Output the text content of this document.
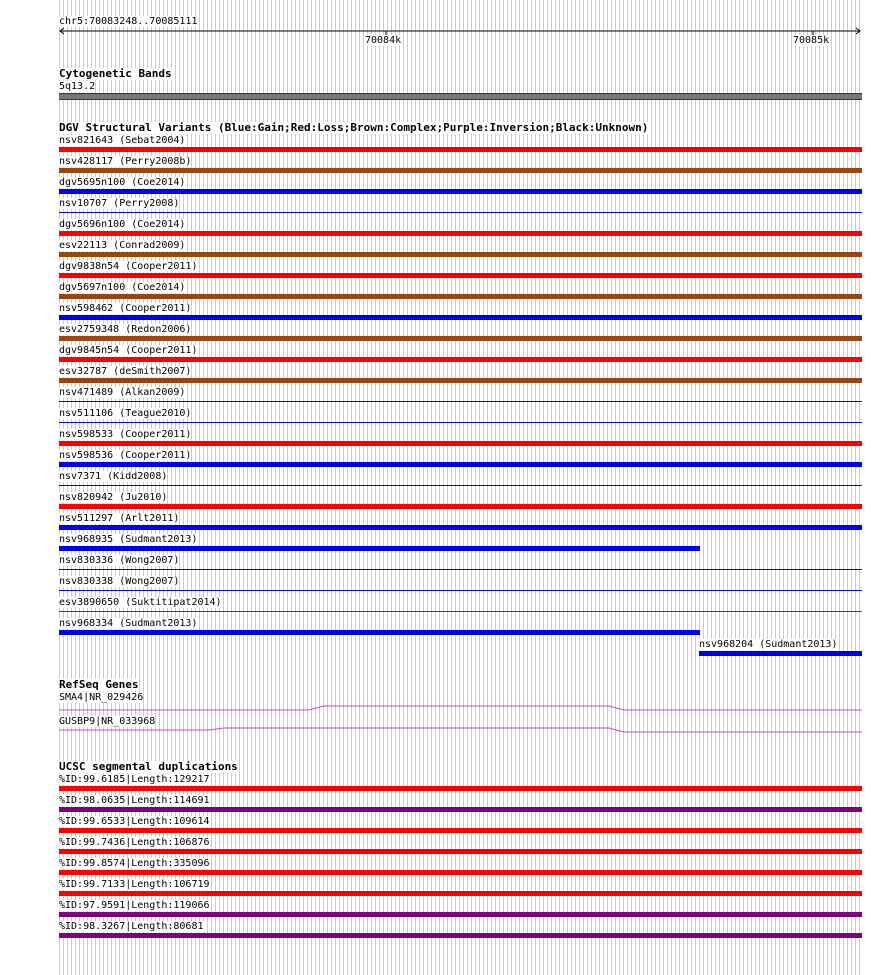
chr5:70083248..70085111
70084k	70085k
Cytogenetic Bands
5q13.2
DGV Structural Variants (Blue:Gain;Red:Loss;Brown:Complex;Purple:Inversion;Black:Unknown)
nsv821643 (Sebat2004)
nsv428117 (Perry2008b)
dgv5695n100 (Coe2014)
nsv10707 (Perry2008)
dgv5696n100 (Coe2014)
esv22113 (Conrad2009)
dgv9838n54 (Cooper2011)
dgv5697n100 (Coe2014)
nsv598462 (Cooper2011)
esv2759348 (Redon2006)
dgv9845n54 (Cooper2011)
esv32787 (deSmith2007)
nsv471489 (Alkan2009)
nsv511106 (Teague2010)
nsv598533 (Cooper2011)
nsv598536 (Cooper2011)
nsv7371 (Kidd2008)
nsv820942 (Ju2010)
nsv511297 (Arlt2011)
nsv968935 (Sudmant2013)
nsv830336 (Wong2007)
nsv830338 (Wong2007)
esv3890650 (Suktitipat2014)
nsv968334 (Sudmant2013)
nsv968204 (Sudmant2013)
RefSeq Genes
SMA4|NR_029426
GUSBP9|NR_033968
UCSC segmental duplications
%ID:99.6185|Length:129217
%ID:98.0635|Length:114691
%ID:99.6533|Length:109614
%ID:99.7436|Length:106876
%ID:99.8574|Length:335096
%ID:99.7133|Length:106719
%ID:97.9591|Length:119066
%ID:98.3267|Length:80681
